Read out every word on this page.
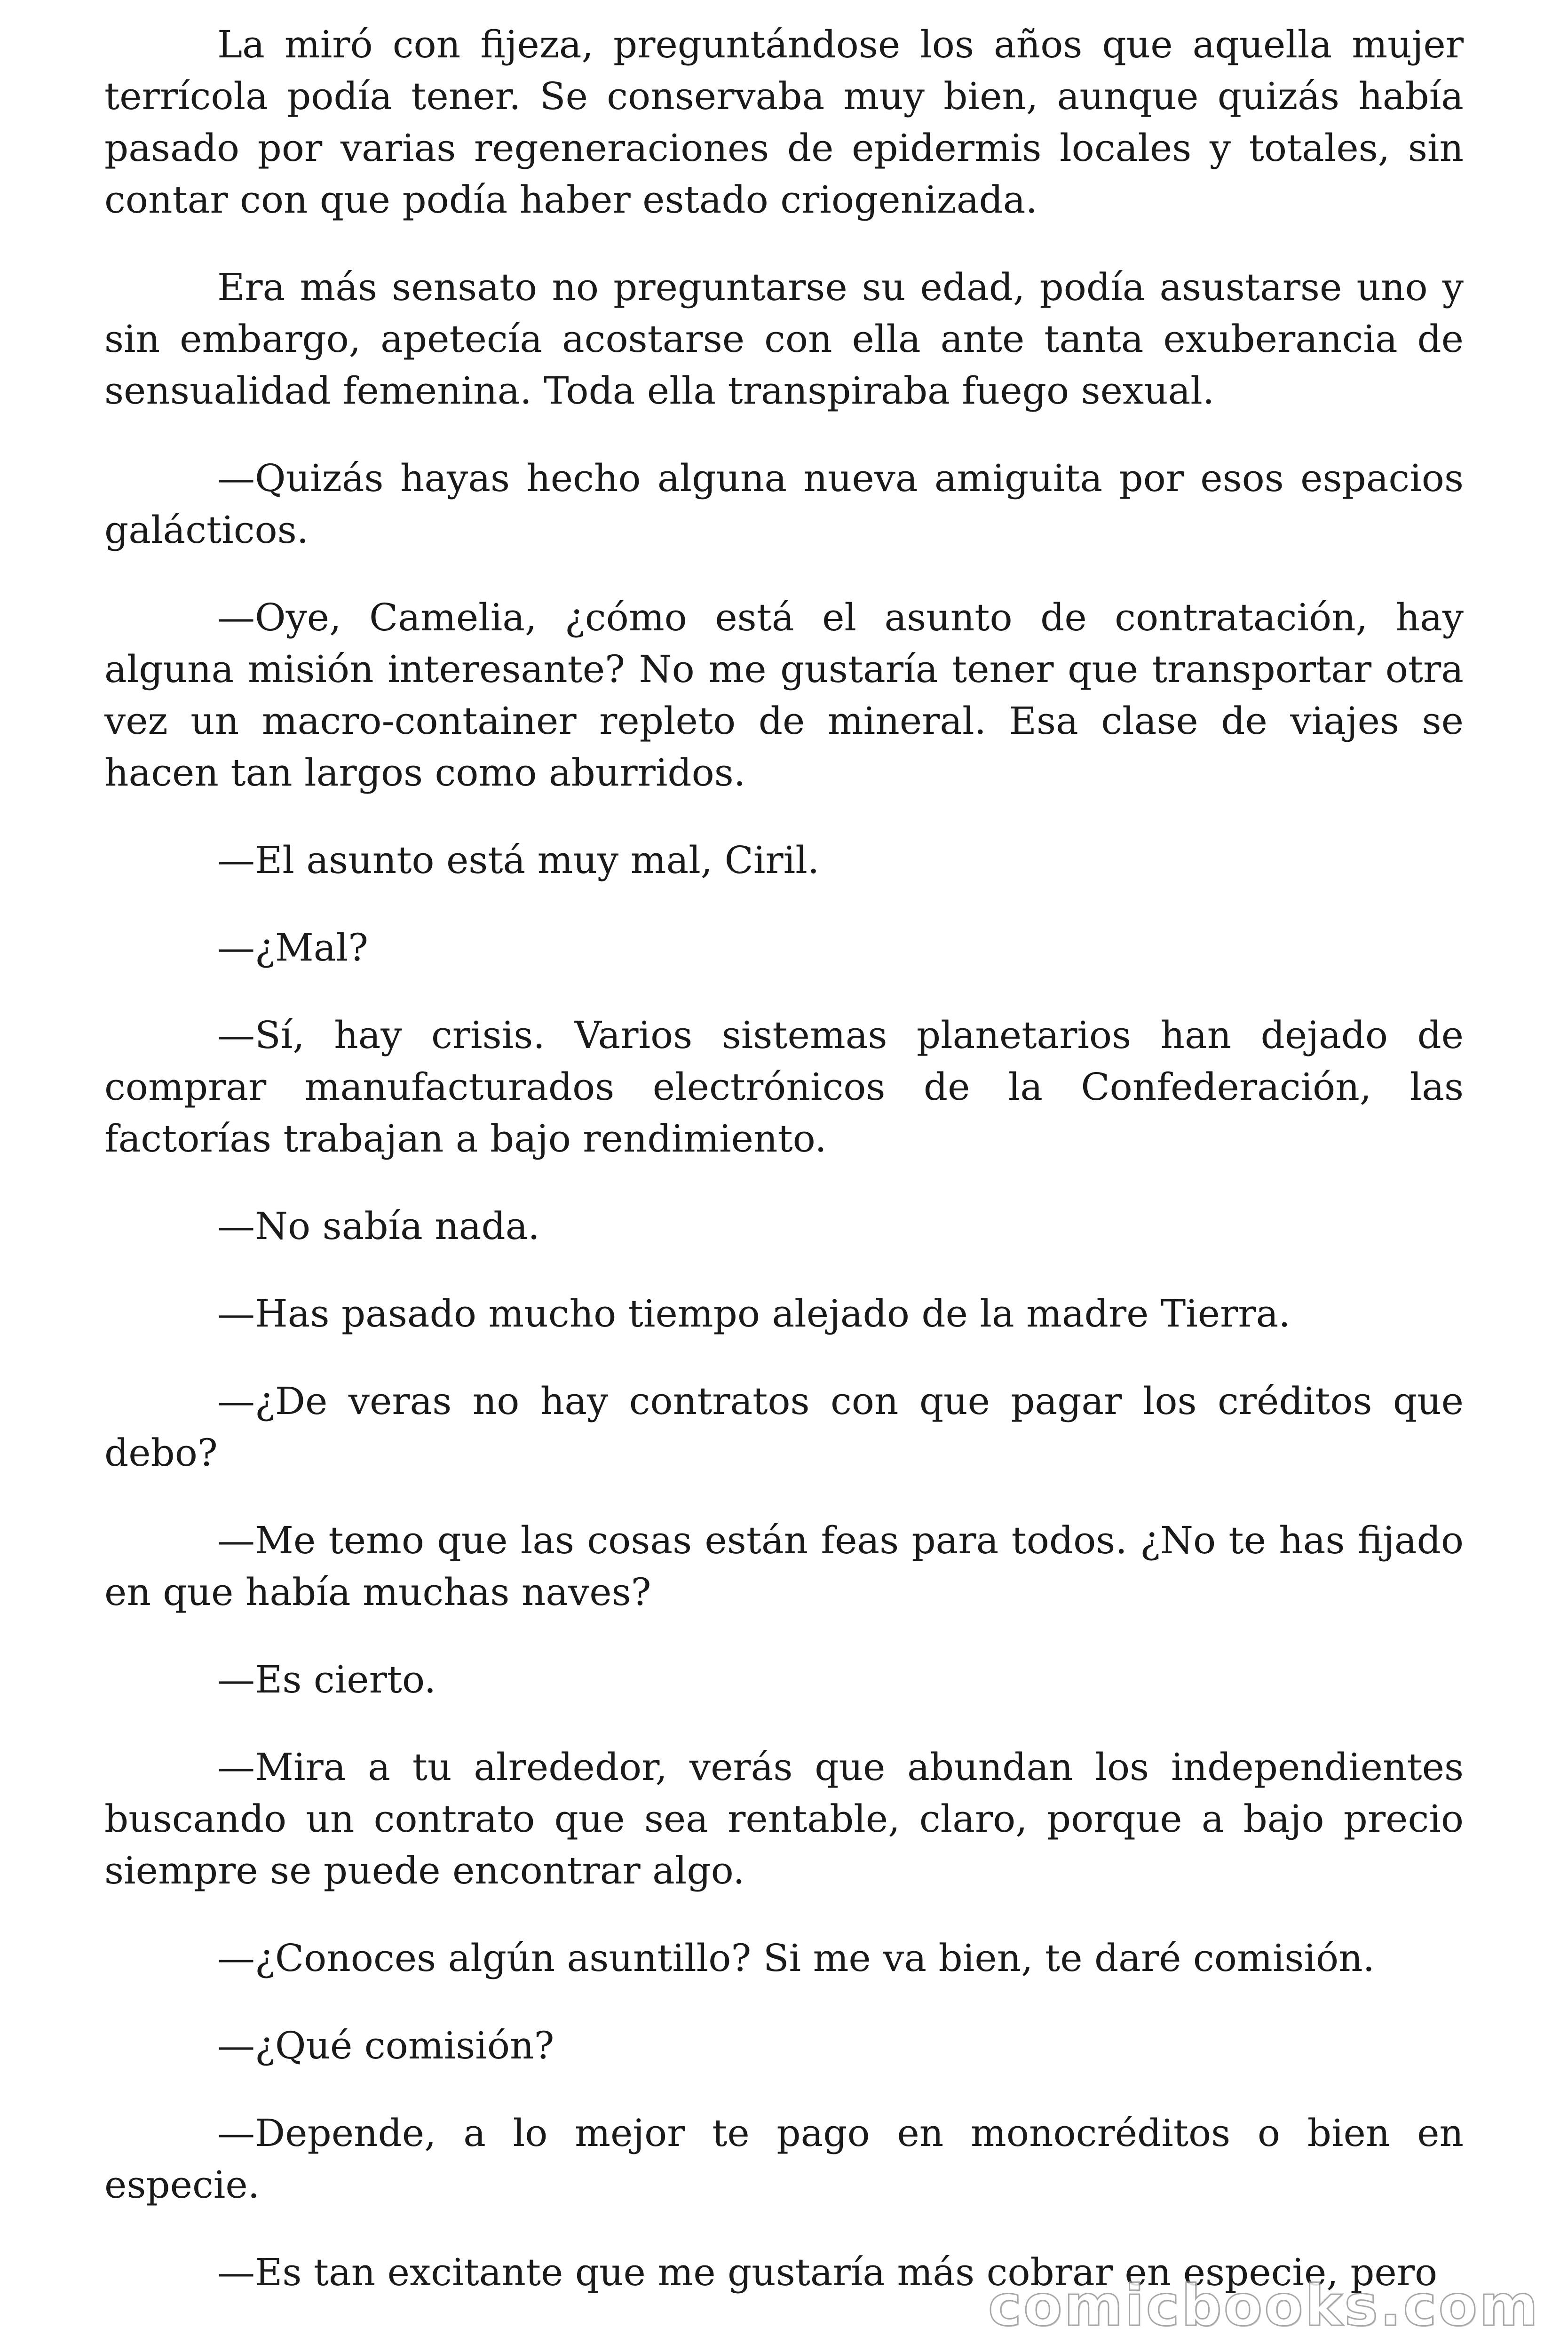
La miró con fijeza, preguntándose los años que aquella mujer terrícola podía tener. Se conservaba muy bien, aunque quizás había pasado por varias regeneraciones de epidermis locales y totales, sin contar con que podía haber estado criogenizada.

Era más sensato no preguntarse su edad, podía asustarse uno y sin embargo, apetecía acostarse con ella ante tanta exuberancia de sensualidad femenina. Toda ella transpiraba fuego sexual.

—Quizás hayas hecho alguna nueva amiguita por esos espacios galácticos.

—Oye, Camelia, ¿cómo está el asunto de contratación, hay alguna misión interesante? No me gustaría tener que transportar otra vez un macro-container repleto de mineral. Esa clase de viajes se hacen tan largos como aburridos.

—El asunto está muy mal, Ciril.

—¿Mal?

—Sí, hay crisis. Varios sistemas planetarios han dejado de comprar manufacturados electrónicos de la Confederación, las factorías trabajan a bajo rendimiento.

—No sabía nada.

—Has pasado mucho tiempo alejado de la madre Tierra.

—¿De veras no hay contratos con que pagar los créditos que debo?

—Me temo que las cosas están feas para todos. ¿No te has fijado en que había muchas naves?

—Es cierto.

—Mira a tu alrededor, verás que abundan los independientes buscando un contrato que sea rentable, claro, porque a bajo precio siempre se puede encontrar algo.

—¿Conoces algún asuntillo? Si me va bien, te daré comisión.

—¿Qué comisión?

—Depende, a lo mejor te pago en monocréditos o bien en especie.

—Es tan excitante que me gustaría más cobrar en especie, pero

comicbooks.com
